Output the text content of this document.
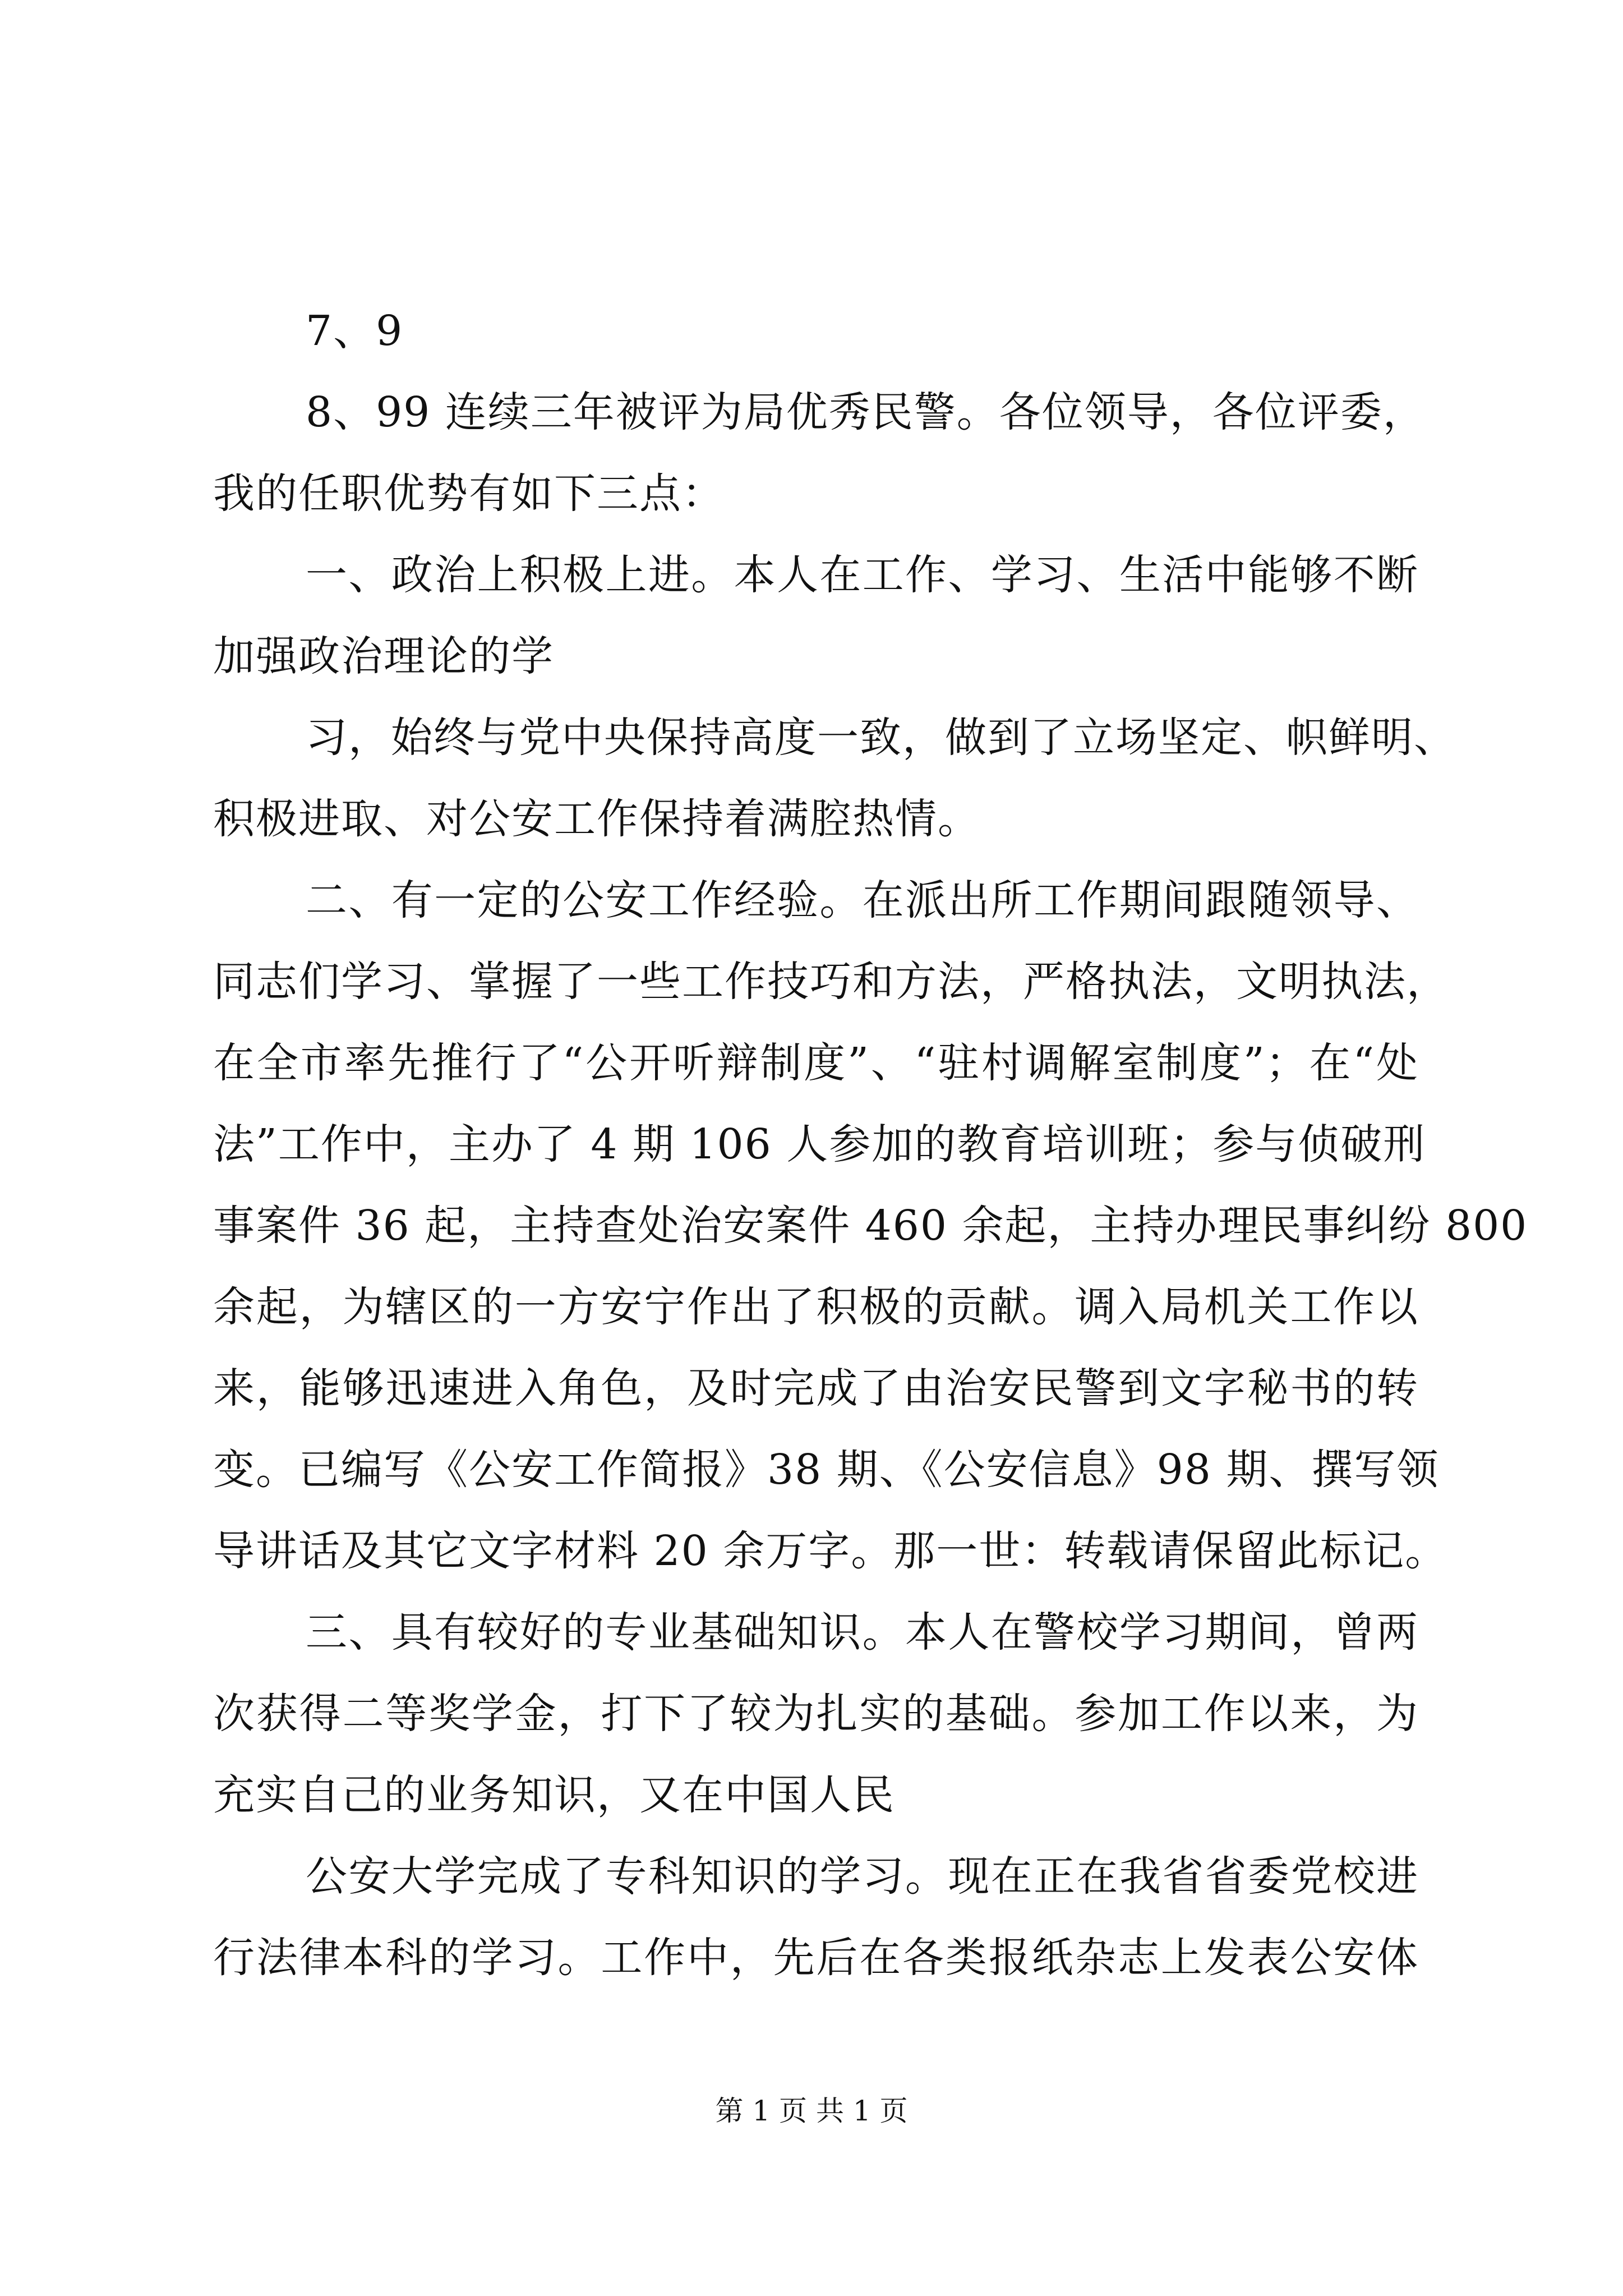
7、9
8、99 连续三年被评为局优秀民警。各位领导，各位评委，
我的任职优势有如下三点：
一、政治上积极上进。本人在工作、学习、生活中能够不断
加强政治理论的学
习，始终与党中央保持高度一致，做到了立场坚定、帜鲜明、
积极进取、对公安工作保持着满腔热情。
二、有一定的公安工作经验。在派出所工作期间跟随领导、
同志们学习、掌握了一些工作技巧和方法，严格执法，文明执法，
在全市率先推行了“公开听辩制度”、“驻村调解室制度”；在“处
法”工作中，主办了 4 期 106 人参加的教育培训班；参与侦破刑
事案件 36 起，主持查处治安案件 460 余起，主持办理民事纠纷 800
余起，为辖区的一方安宁作出了积极的贡献。调入局机关工作以
来，能够迅速进入角色，及时完成了由治安民警到文字秘书的转
变。已编写《公安工作简报》38 期、《公安信息》98 期、撰写领
导讲话及其它文字材料 20 余万字。那一世：转载请保留此标记。
三、具有较好的专业基础知识。本人在警校学习期间，曾两
次获得二等奖学金，打下了较为扎实的基础。参加工作以来，为
充实自己的业务知识，又在中国人民
公安大学完成了专科知识的学习。现在正在我省省委党校进
行法律本科的学习。工作中，先后在各类报纸杂志上发表公安体
第 1 页 共 1 页
